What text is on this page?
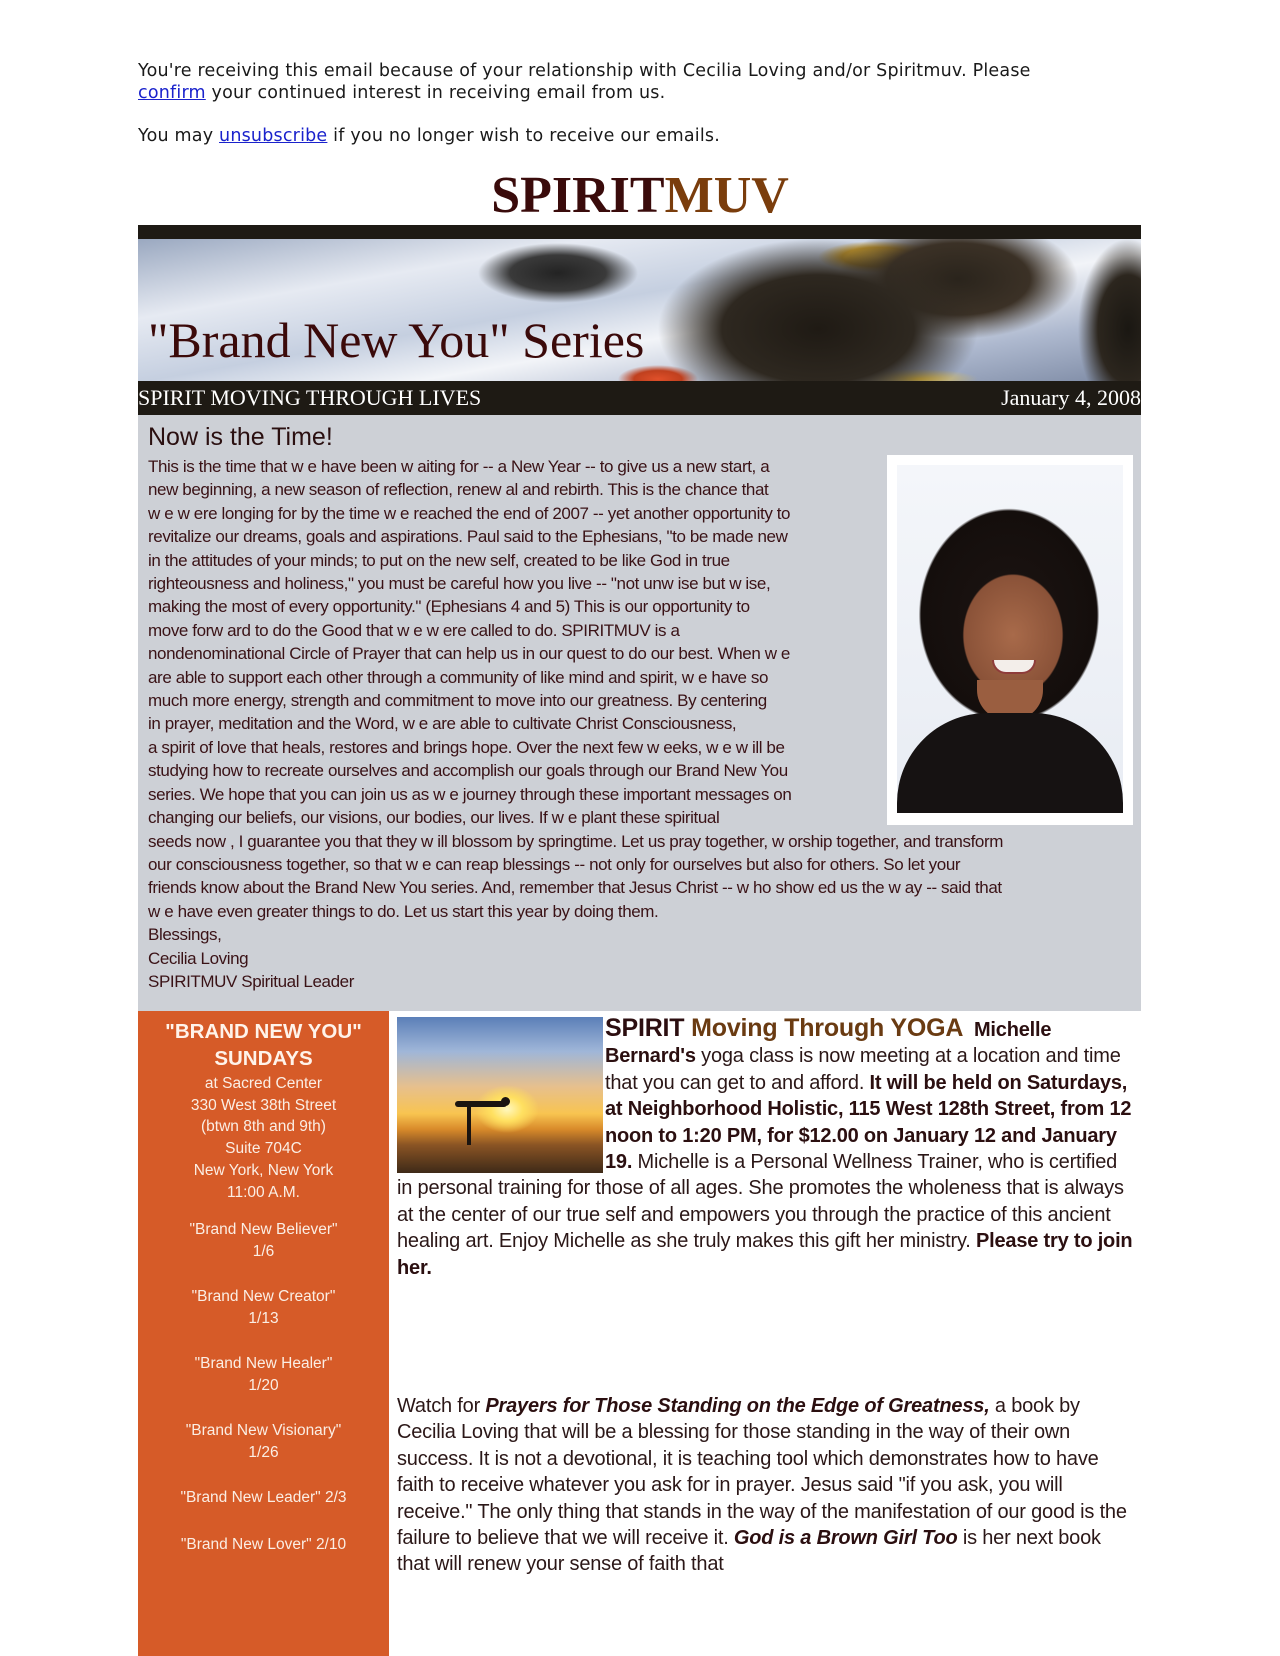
You're receiving this email because of your relationship with Cecilia Loving and/or Spiritmuv. Please confirm your continued interest in receiving email from us.

You may unsubscribe if you no longer wish to receive our emails.

SPIRITMUV
"Brand New You" Series
SPIRIT MOVING THROUGH LIVES	January 4, 2008
Now is the Time!

This is the time that w e have been w aiting for -- a New Year -- to give us a new start, a

new beginning, a new season of reflection, renew al and rebirth. This is the chance that

w e w ere longing for by the time w e reached the end of 2007 -- yet another opportunity to

revitalize our dreams, goals and aspirations. Paul said to the Ephesians, "to be made new

in the attitudes of your minds; to put on the new self, created to be like God in true

righteousness and holiness," you must be careful how you live -- "not unw ise but w ise,

making the most of every opportunity." (Ephesians 4 and 5) This is our opportunity to

move forw ard to do the Good that w e w ere called to do. SPIRITMUV is a

nondenominational Circle of Prayer that can help us in our quest to do our best. When w e

are able to support each other through a community of like mind and spirit, w e have so

much more energy, strength and commitment to move into our greatness. By centering

in prayer, meditation and the Word, w e are able to cultivate Christ Consciousness,

a spirit of love that heals, restores and brings hope. Over the next few w eeks, w e w ill be

studying how to recreate ourselves and accomplish our goals through our Brand New You

series. We hope that you can join us as w e journey through these important messages on

changing our beliefs, our visions, our bodies, our lives. If w e plant these spiritual

seeds now , I guarantee you that they w ill blossom by springtime. Let us pray together, w orship together, and transform

our consciousness together, so that w e can reap blessings -- not only for ourselves but also for others. So let your

friends know about the Brand New You series. And, remember that Jesus Christ -- w ho show ed us the w ay -- said that

w e have even greater things to do. Let us start this year by doing them.

Blessings,

Cecilia Loving

SPIRITMUV Spiritual Leader

"BRAND NEW YOU"
SUNDAYS
at Sacred Center
330 West 38th Street
(btwn 8th and 9th)
Suite 704C
New York, New York
11:00 A.M.
"Brand New Believer"
1/6
"Brand New Creator"
1/13
"Brand New Healer"
1/20
"Brand New Visionary"
1/26
"Brand New Leader" 2/3
"Brand New Lover" 2/10
SPIRIT Moving Through YOGA Michelle Bernard's yoga class is now meeting at a location and time that you can get to and afford. It will be held on Saturdays, at Neighborhood Holistic, 115 West 128th Street, from 12 noon to 1:20 PM, for $12.00 on January 12 and January 19. Michelle is a Personal Wellness Trainer, who is certified in personal training for those of all ages. She promotes the wholeness that is always at the center of our true self and empowers you through the practice of this ancient healing art. Enjoy Michelle as she truly makes this gift her ministry. Please try to join her.
Watch for Prayers for Those Standing on the Edge of Greatness, a book by Cecilia Loving that will be a blessing for those standing in the way of their own success. It is not a devotional, it is teaching tool which demonstrates how to have faith to receive whatever you ask for in prayer. Jesus said "if you ask, you will receive." The only thing that stands in the way of the manifestation of our good is the failure to believe that we will receive it. God is a Brown Girl Too is her next book that will renew your sense of faith that
